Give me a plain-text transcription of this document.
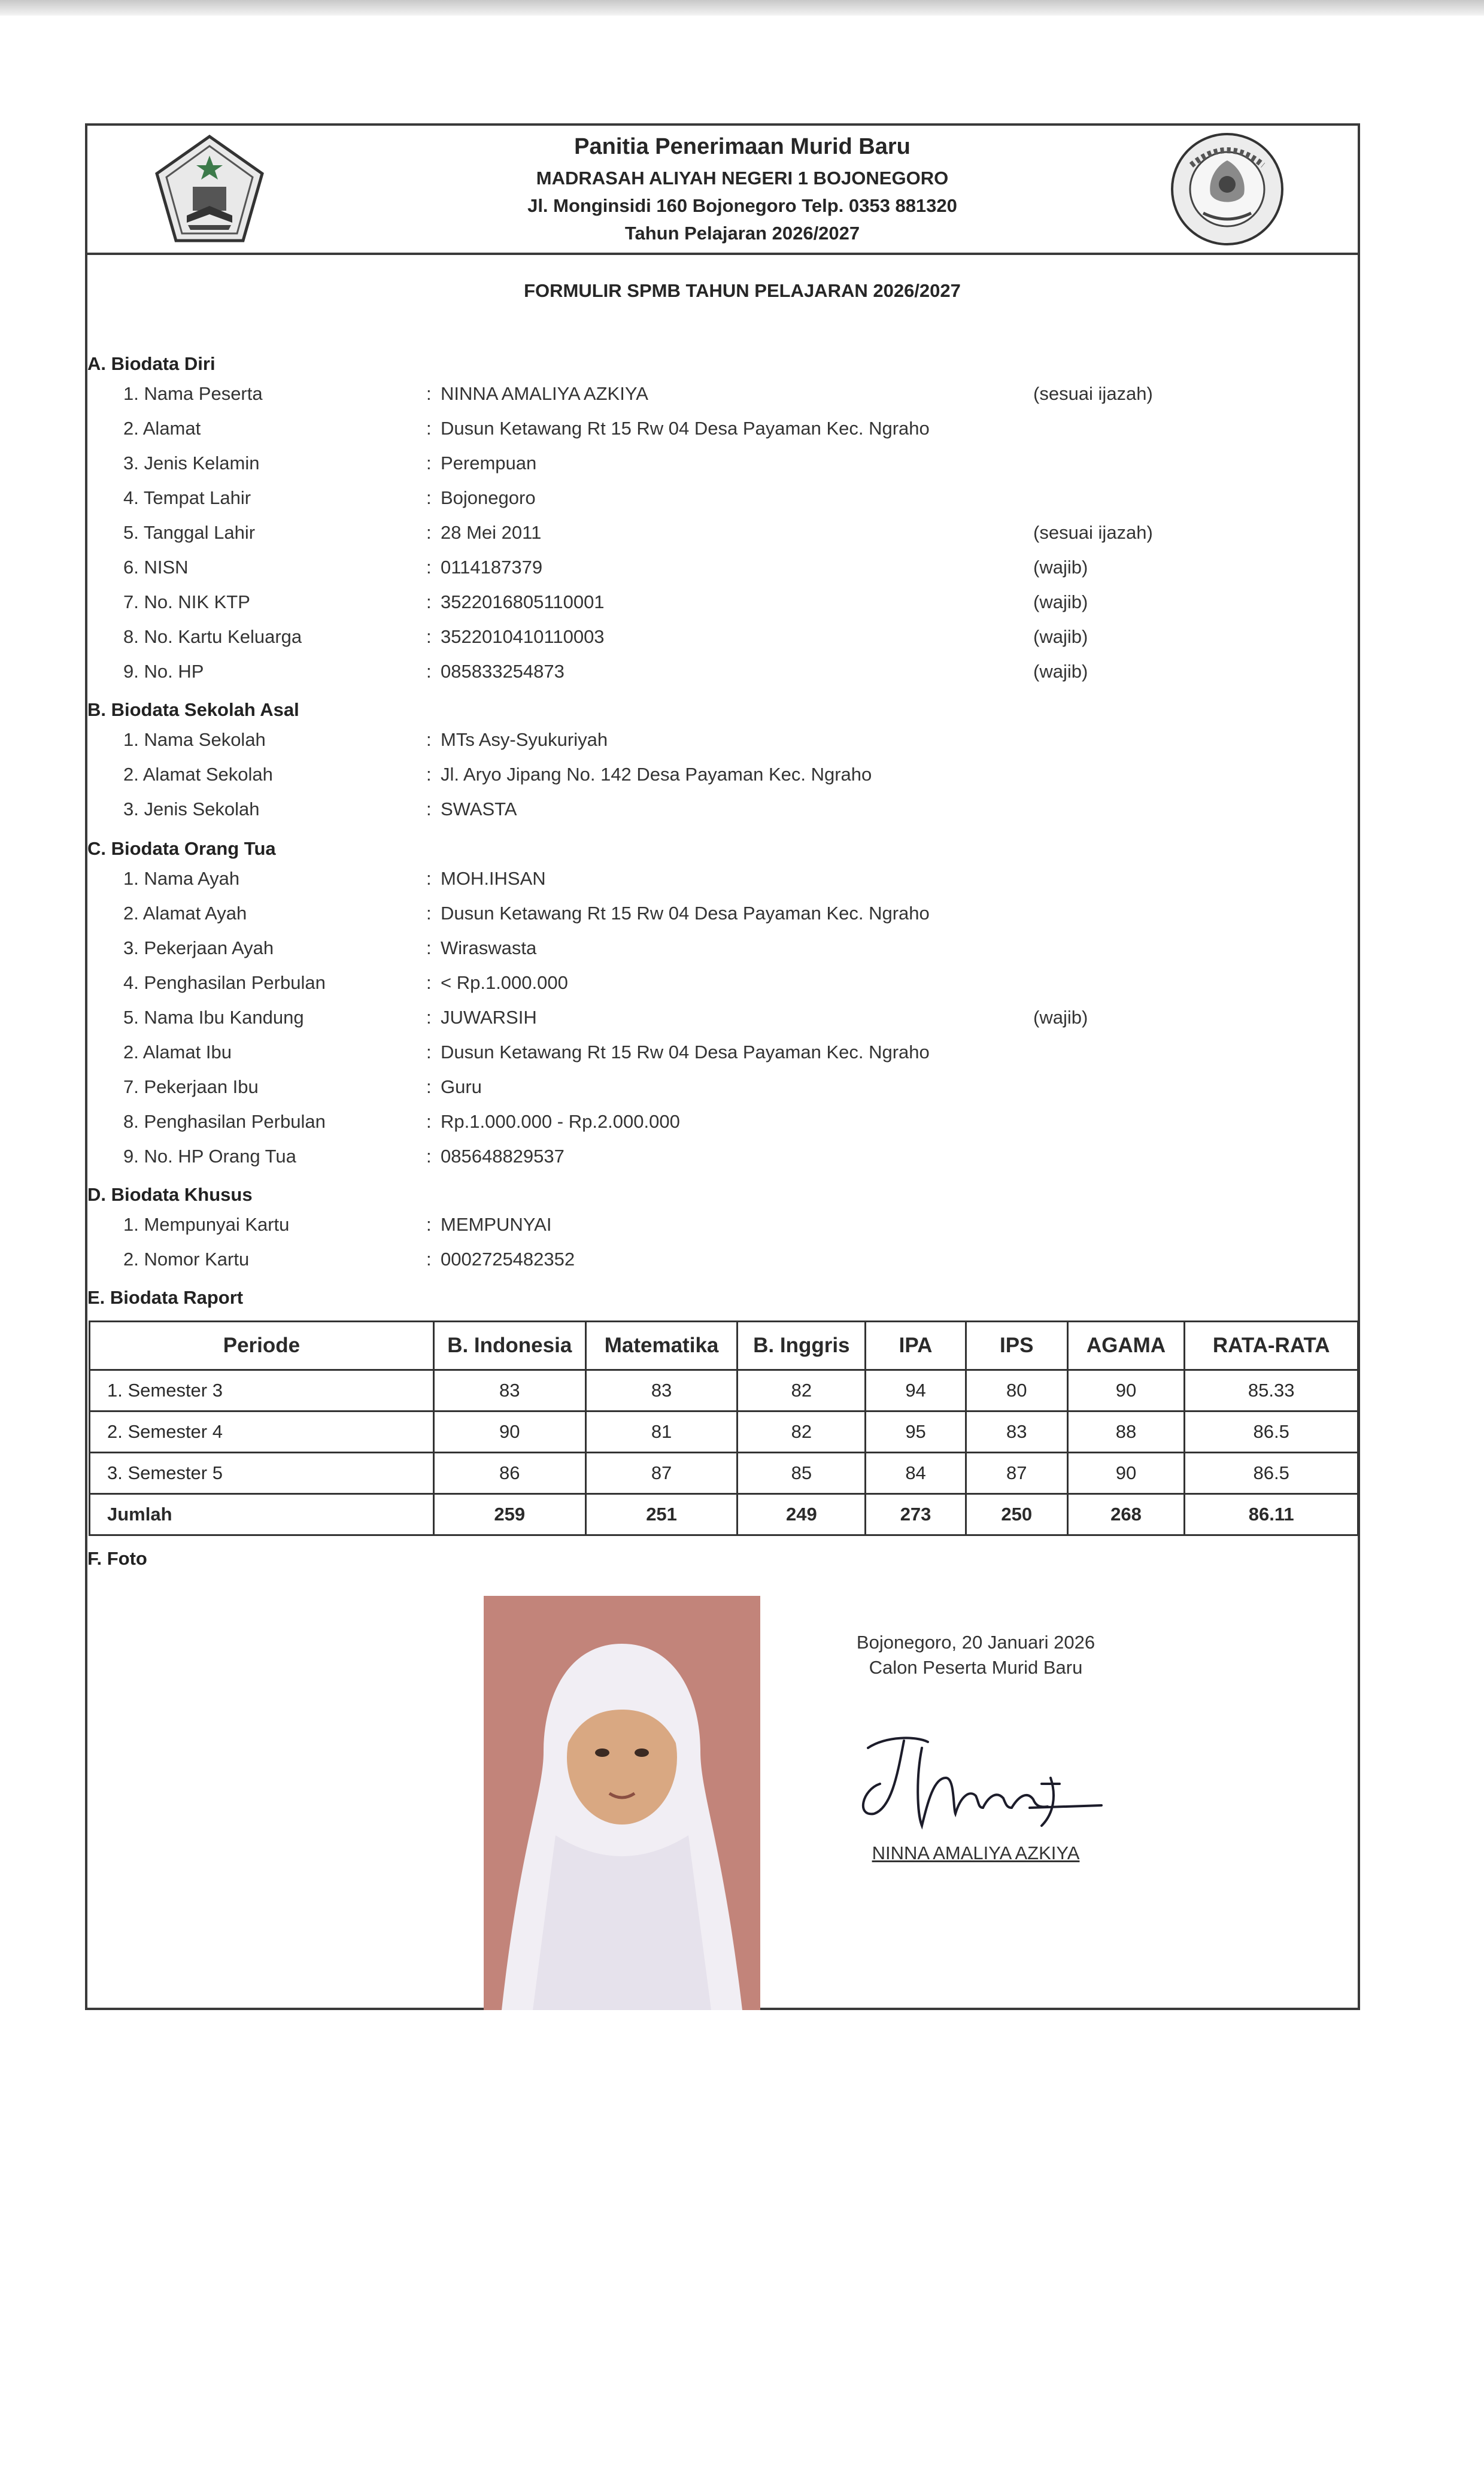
Panitia Penerimaan Murid Baru
MADRASAH ALIYAH NEGERI 1 BOJONEGORO
Jl. Monginsidi 160 Bojonegoro Telp. 0353 881320
Tahun Pelajaran 2026/2027
FORMULIR SPMB TAHUN PELAJARAN 2026/2027
A. Biodata Diri
1. Nama Peserta	: NINNA AMALIYA AZKIYA	(sesuai ijazah)
2. Alamat	: Dusun Ketawang Rt 15 Rw 04 Desa Payaman Kec. Ngraho
3. Jenis Kelamin	: Perempuan
4. Tempat Lahir	: Bojonegoro
5. Tanggal Lahir	: 28 Mei 2011	(sesuai ijazah)
6. NISN	: 0114187379	(wajib)
7. No. NIK KTP	: 3522016805110001	(wajib)
8. No. Kartu Keluarga	: 3522010410110003	(wajib)
9. No. HP	: 085833254873	(wajib)
B. Biodata Sekolah Asal
1. Nama Sekolah	: MTs Asy-Syukuriyah
2. Alamat Sekolah	: Jl. Aryo Jipang No. 142 Desa Payaman Kec. Ngraho
3. Jenis Sekolah	: SWASTA
C. Biodata Orang Tua
1. Nama Ayah	: MOH.IHSAN
2. Alamat Ayah	: Dusun Ketawang Rt 15 Rw 04 Desa Payaman Kec. Ngraho
3. Pekerjaan Ayah	: Wiraswasta
4. Penghasilan Perbulan	: < Rp.1.000.000
5. Nama Ibu Kandung	: JUWARSIH	(wajib)
2. Alamat Ibu	: Dusun Ketawang Rt 15 Rw 04 Desa Payaman Kec. Ngraho
7. Pekerjaan Ibu	: Guru
8. Penghasilan Perbulan	: Rp.1.000.000 - Rp.2.000.000
9. No. HP Orang Tua	: 085648829537
D. Biodata Khusus
1. Mempunyai Kartu	: MEMPUNYAI
2. Nomor Kartu	: 0002725482352
E. Biodata Raport
Periode	B. Indonesia	Matematika	B. Inggris	IPA	IPS	AGAMA	RATA-RATA
1. Semester 3	83	83	82	94	80	90	85.33
2. Semester 4	90	81	82	95	83	88	86.5
3. Semester 5	86	87	85	84	87	90	86.5
Jumlah	259	251	249	273	250	268	86.11
F. Foto
Bojonegoro, 20 Januari 2026
Calon Peserta Murid Baru
NINNA AMALIYA AZKIYA
